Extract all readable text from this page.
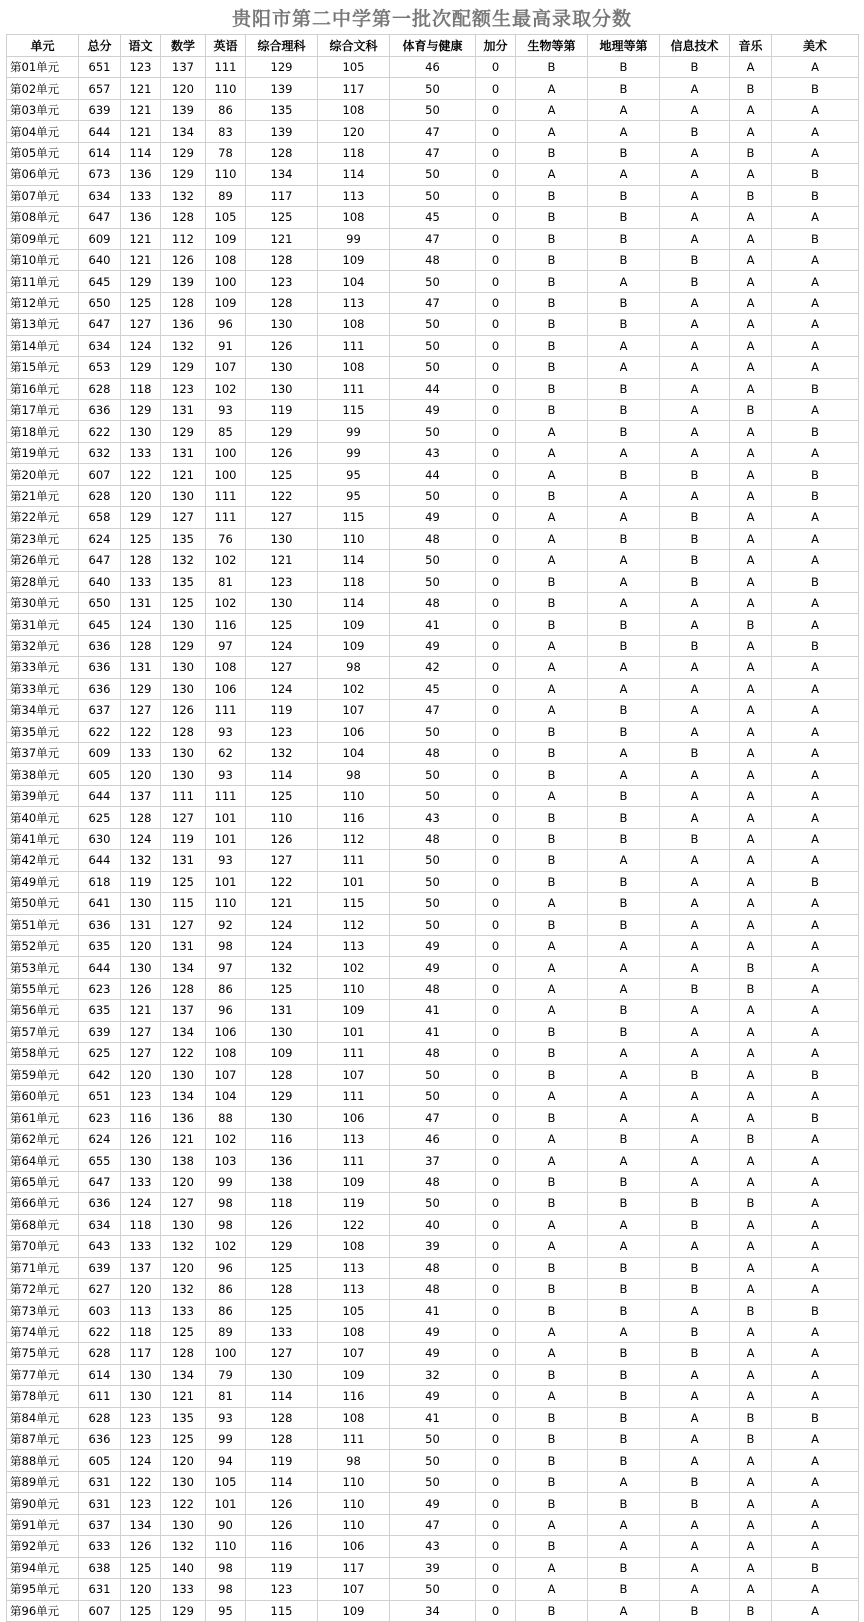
贵阳市第二中学第一批次配额生最高录取分数
单元	总分	语文	数学	英语	综合理科	综合文科	体育与健康	加分	生物等第	地理等第	信息技术	音乐	美术
第01单元	651	123	137	111	129	105	46	0	B	B	B	A	A
第02单元	657	121	120	110	139	117	50	0	A	B	A	B	B
第03单元	639	121	139	86	135	108	50	0	A	A	A	A	A
第04单元	644	121	134	83	139	120	47	0	A	A	B	A	A
第05单元	614	114	129	78	128	118	47	0	B	B	A	B	A
第06单元	673	136	129	110	134	114	50	0	A	A	A	A	B
第07单元	634	133	132	89	117	113	50	0	B	B	A	B	B
第08单元	647	136	128	105	125	108	45	0	B	B	A	A	A
第09单元	609	121	112	109	121	99	47	0	B	B	A	A	B
第10单元	640	121	126	108	128	109	48	0	B	B	B	A	A
第11单元	645	129	139	100	123	104	50	0	B	A	B	A	A
第12单元	650	125	128	109	128	113	47	0	B	B	A	A	A
第13单元	647	127	136	96	130	108	50	0	B	B	A	A	A
第14单元	634	124	132	91	126	111	50	0	B	A	A	A	A
第15单元	653	129	129	107	130	108	50	0	B	A	A	A	A
第16单元	628	118	123	102	130	111	44	0	B	B	A	A	B
第17单元	636	129	131	93	119	115	49	0	B	B	A	B	A
第18单元	622	130	129	85	129	99	50	0	A	B	A	A	B
第19单元	632	133	131	100	126	99	43	0	A	A	A	A	A
第20单元	607	122	121	100	125	95	44	0	A	B	B	A	B
第21单元	628	120	130	111	122	95	50	0	B	A	A	A	B
第22单元	658	129	127	111	127	115	49	0	A	A	B	A	A
第23单元	624	125	135	76	130	110	48	0	A	B	B	A	A
第26单元	647	128	132	102	121	114	50	0	A	A	B	A	A
第28单元	640	133	135	81	123	118	50	0	B	A	B	A	B
第30单元	650	131	125	102	130	114	48	0	B	A	A	A	A
第31单元	645	124	130	116	125	109	41	0	B	B	A	B	A
第32单元	636	128	129	97	124	109	49	0	A	B	B	A	B
第33单元	636	131	130	108	127	98	42	0	A	A	A	A	A
第33单元	636	129	130	106	124	102	45	0	A	A	A	A	A
第34单元	637	127	126	111	119	107	47	0	A	B	A	A	A
第35单元	622	122	128	93	123	106	50	0	B	B	A	A	A
第37单元	609	133	130	62	132	104	48	0	B	A	B	A	A
第38单元	605	120	130	93	114	98	50	0	B	A	A	A	A
第39单元	644	137	111	111	125	110	50	0	A	B	A	A	A
第40单元	625	128	127	101	110	116	43	0	B	B	A	A	A
第41单元	630	124	119	101	126	112	48	0	B	B	B	A	A
第42单元	644	132	131	93	127	111	50	0	B	A	A	A	A
第49单元	618	119	125	101	122	101	50	0	B	B	A	A	B
第50单元	641	130	115	110	121	115	50	0	A	B	A	A	A
第51单元	636	131	127	92	124	112	50	0	B	B	A	A	A
第52单元	635	120	131	98	124	113	49	0	A	A	A	A	A
第53单元	644	130	134	97	132	102	49	0	A	A	A	B	A
第55单元	623	126	128	86	125	110	48	0	A	A	B	B	A
第56单元	635	121	137	96	131	109	41	0	A	B	A	A	A
第57单元	639	127	134	106	130	101	41	0	B	B	A	A	A
第58单元	625	127	122	108	109	111	48	0	B	A	A	A	A
第59单元	642	120	130	107	128	107	50	0	B	A	B	A	B
第60单元	651	123	134	104	129	111	50	0	A	A	A	A	A
第61单元	623	116	136	88	130	106	47	0	B	A	A	A	B
第62单元	624	126	121	102	116	113	46	0	A	B	A	B	A
第64单元	655	130	138	103	136	111	37	0	A	A	A	A	A
第65单元	647	133	120	99	138	109	48	0	B	B	A	A	A
第66单元	636	124	127	98	118	119	50	0	B	B	B	B	A
第68单元	634	118	130	98	126	122	40	0	A	A	B	A	A
第70单元	643	133	132	102	129	108	39	0	A	A	A	A	A
第71单元	639	137	120	96	125	113	48	0	B	B	B	A	A
第72单元	627	120	132	86	128	113	48	0	B	B	B	A	A
第73单元	603	113	133	86	125	105	41	0	B	B	A	B	B
第74单元	622	118	125	89	133	108	49	0	A	A	B	A	A
第75单元	628	117	128	100	127	107	49	0	A	B	B	A	A
第77单元	614	130	134	79	130	109	32	0	B	B	A	A	A
第78单元	611	130	121	81	114	116	49	0	A	B	A	A	A
第84单元	628	123	135	93	128	108	41	0	B	B	A	B	B
第87单元	636	123	125	99	128	111	50	0	B	B	A	B	A
第88单元	605	124	120	94	119	98	50	0	B	B	A	A	A
第89单元	631	122	130	105	114	110	50	0	B	A	B	A	A
第90单元	631	123	122	101	126	110	49	0	B	B	B	A	A
第91单元	637	134	130	90	126	110	47	0	A	A	A	A	A
第92单元	633	126	132	110	116	106	43	0	B	A	A	A	A
第94单元	638	125	140	98	119	117	39	0	A	B	A	A	B
第95单元	631	120	133	98	123	107	50	0	A	B	A	A	A
第96单元	607	125	129	95	115	109	34	0	B	A	B	B	A
